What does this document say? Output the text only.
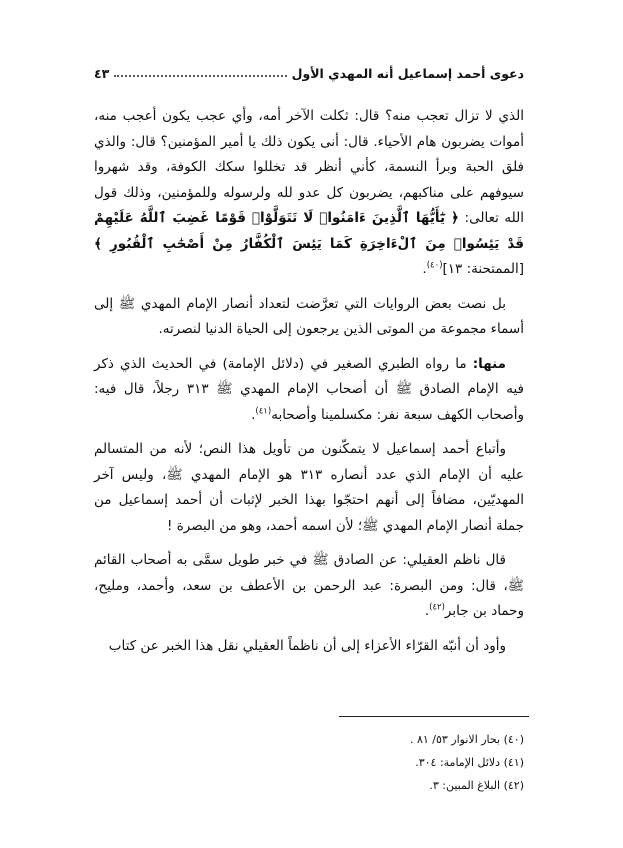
دعوى أحمد إسماعيل أنه المهدي الأول
٤٣

الذي لا تزال تعجب منه؟ قال: ثكلت الآخر أمه، وأي عجب يكون أعجب منه، أموات يضربون هام الأحياء. قال: أنى يكون ذلك يا أمير المؤمنين؟ قال: والذي فلق الحبة وبرأ النسمة، كأني أنظر قد تخللوا سكك الكوفة، وقد شهروا سيوفهم على مناكبهم، يضربون كل عدو لله ولرسوله وللمؤمنين، وذلك قول الله تعالى: ﴿ يَٰٓأَيُّهَا ٱلَّذِينَ ءَامَنُوا۟ لَا تَتَوَلَّوْا۟ قَوْمًا غَضِبَ ٱللَّهُ عَلَيْهِمْ قَدْ يَئِسُوا۟ مِنَ ٱلْءَاخِرَةِ كَمَا يَئِسَ ٱلْكُفَّارُ مِنْ أَصْحَٰبِ ٱلْقُبُورِ ﴾ [الممتحنة: ١٣]$^{(٤٠)}$.

بل نصت بعض الروايات التي تعرَّضت لتعداد أنصار الإمام المهدي ﷺ إلى أسماء مجموعة من الموتى الذين يرجعون إلى الحياة الدنيا لنصرته.

منها: ما رواه الطبري الصغير في (دلائل الإمامة) في الحديث الذي ذكر فيه الإمام الصادق ﷺ أن أصحاب الإمام المهدي ﷺ ٣١٣ رجلاً، قال فيه: وأصحاب الكهف سبعة نفر: مكسلمينا وأصحابه$^{(٤١)}$.

وأتباع أحمد إسماعيل لا يتمكّنون من تأويل هذا النص؛ لأنه من المتسالم عليه أن الإمام الذي عدد أنصاره ٣١٣ هو الإمام المهدي ﷺ، وليس آخر المهديّين، مضافاً إلى أنهم احتجّوا بهذا الخبر لإثبات أن أحمد إسماعيل من جملة أنصار الإمام المهدي ﷺ؛ لأن اسمه أحمد، وهو من البصرة !

قال ناظم العقيلي: عن الصادق ﷺ في خبر طويل سمَّى به أصحاب القائم ﷺ، قال: ومن البصرة: عبد الرحمن بن الأعطف بن سعد، وأحمد، ومليح، وحماد بن جابر$^{(٤٢)}$.

وأود أن أنبّه القرّاء الأعزاء إلى أن ناظماً العقيلي نقل هذا الخبر عن كتاب

(٤٠) بحار الانوار ٥٣/ ٨١ .
(٤١) دلائل الإمامة: ٣٠٤.
(٤٢) البلاغ المبين: ٣.
